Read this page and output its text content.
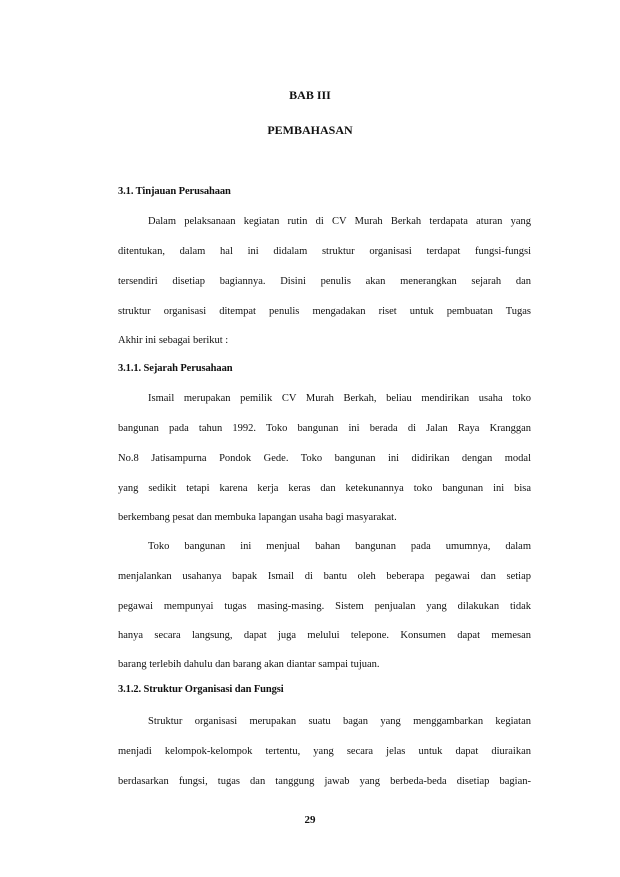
BAB III
PEMBAHASAN
3.1. Tinjauan Perusahaan
Dalam pelaksanaan kegiatan rutin di CV Murah Berkah terdapata aturan yang
ditentukan, dalam hal ini didalam struktur organisasi terdapat fungsi-fungsi
tersendiri disetiap bagiannya. Disini penulis akan menerangkan sejarah dan
struktur organisasi ditempat penulis mengadakan riset untuk pembuatan Tugas
Akhir ini sebagai berikut :
3.1.1. Sejarah Perusahaan
Ismail merupakan pemilik CV Murah Berkah, beliau mendirikan usaha toko
bangunan pada tahun 1992. Toko bangunan ini berada di Jalan Raya Kranggan
No.8 Jatisampurna Pondok Gede. Toko bangunan ini didirikan dengan modal
yang sedikit tetapi karena kerja keras dan ketekunannya toko bangunan ini bisa
berkembang pesat dan membuka lapangan usaha bagi masyarakat.
Toko bangunan ini menjual bahan bangunan pada umumnya, dalam
menjalankan usahanya bapak Ismail di bantu oleh beberapa pegawai dan setiap
pegawai mempunyai tugas masing-masing. Sistem penjualan yang dilakukan tidak
hanya secara langsung, dapat juga melului telepone. Konsumen dapat memesan
barang terlebih dahulu dan barang akan diantar sampai tujuan.
3.1.2. Struktur Organisasi dan Fungsi
Struktur organisasi merupakan suatu bagan yang menggambarkan kegiatan
menjadi kelompok-kelompok tertentu, yang secara jelas untuk dapat diuraikan
berdasarkan fungsi, tugas dan tanggung jawab yang berbeda-beda disetiap bagian-
29
